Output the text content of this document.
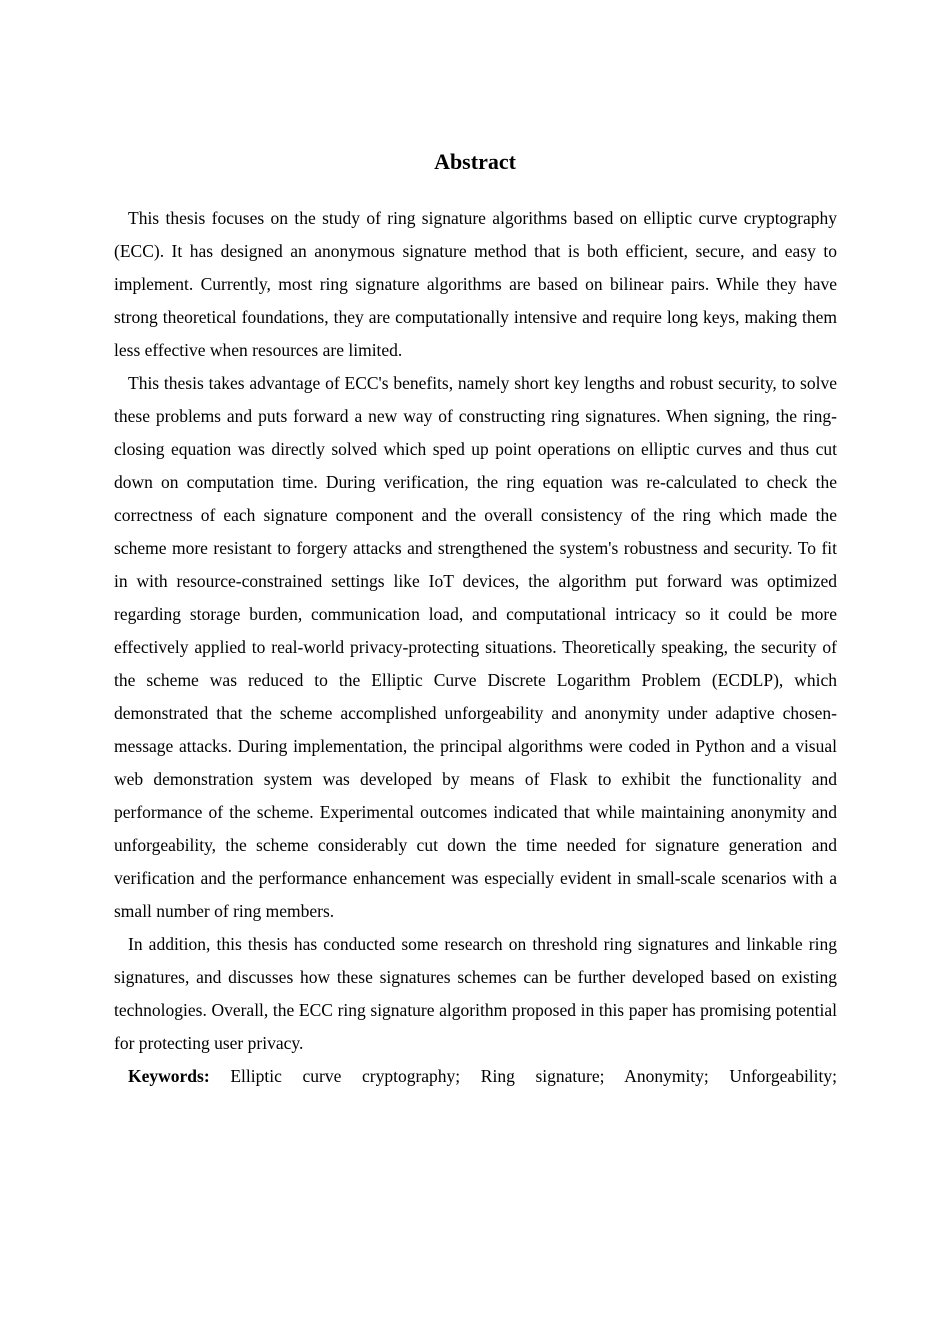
Abstract

This thesis focuses on the study of ring signature algorithms based on elliptic curve cryptography (ECC). It has designed an anonymous signature method that is both efficient, secure, and easy to implement. Currently, most ring signature algorithms are based on bilinear pairs. While they have strong theoretical foundations, they are computationally intensive and require long keys, making them less effective when resources are limited.

This thesis takes advantage of ECC's benefits, namely short key lengths and robust security, to solve these problems and puts forward a new way of constructing ring signatures. When signing, the ring-closing equation was directly solved which sped up point operations on elliptic curves and thus cut down on computation time. During verification, the ring equation was re-calculated to check the correctness of each signature component and the overall consistency of the ring which made the scheme more resistant to forgery attacks and strengthened the system's robustness and security. To fit in with resource-constrained settings like IoT devices, the algorithm put forward was optimized regarding storage burden, communication load, and computational intricacy so it could be more effectively applied to real-world privacy-protecting situations. Theoretically speaking, the security of the scheme was reduced to the Elliptic Curve Discrete Logarithm Problem (ECDLP), which demonstrated that the scheme accomplished unforgeability and anonymity under adaptive chosen-message attacks. During implementation, the principal algorithms were coded in Python and a visual web demonstration system was developed by means of Flask to exhibit the functionality and performance of the scheme. Experimental outcomes indicated that while maintaining anonymity and unforgeability, the scheme considerably cut down the time needed for signature generation and verification and the performance enhancement was especially evident in small-scale scenarios with a small number of ring members.

In addition, this thesis has conducted some research on threshold ring signatures and linkable ring signatures, and discusses how these signatures schemes can be further developed based on existing technologies. Overall, the ECC ring signature algorithm proposed in this paper has promising potential for protecting user privacy.

Keywords: Elliptic curve cryptography; Ring signature; Anonymity; Unforgeability;
